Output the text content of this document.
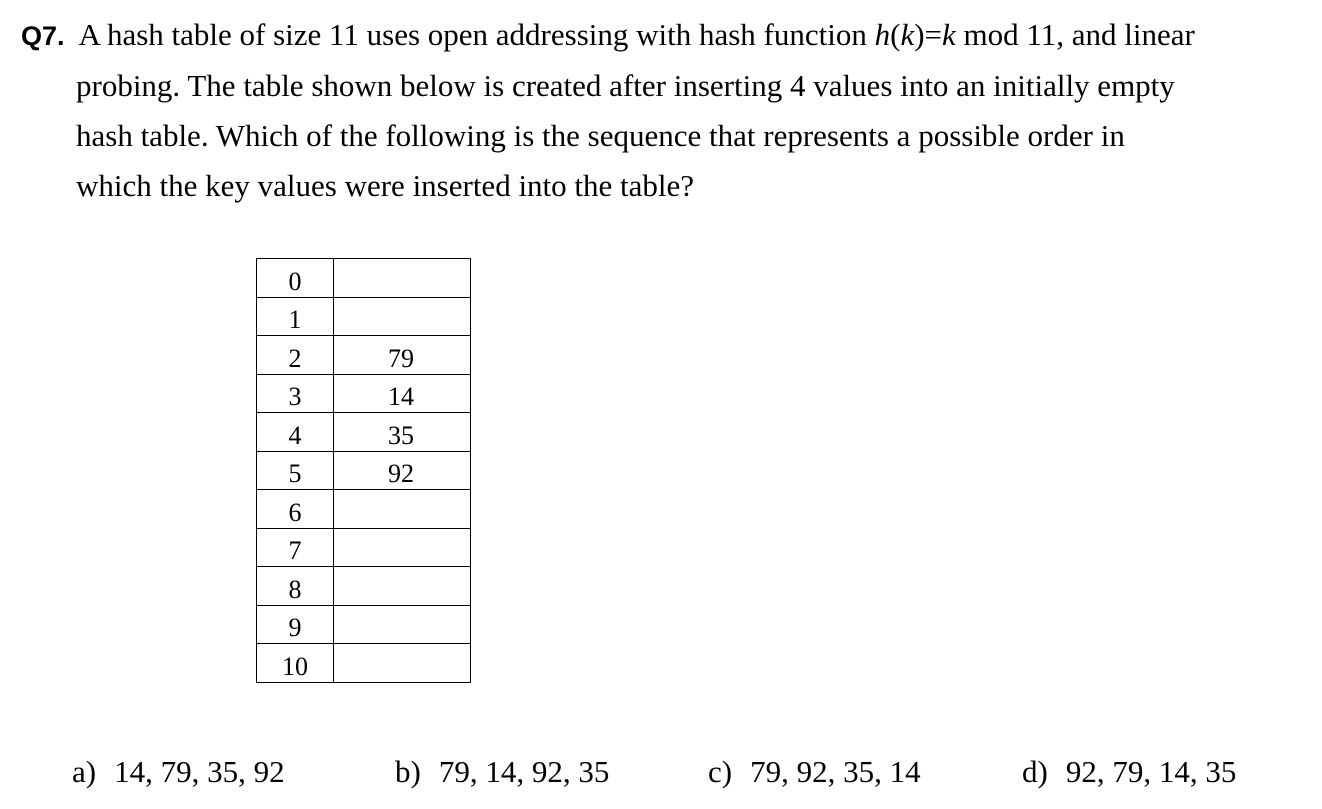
Q7. A hash table of size 11 uses open addressing with hash function h(k)=k mod 11, and linear
probing. The table shown below is created after inserting 4 values into an initially empty
hash table. Which of the following is the sequence that represents a possible order in
which the key values were inserted into the table?
0	
1	
2	79
3	14
4	35
5	92
6	
7	
8	
9	
10	
a) 14, 79, 35, 92	b) 79, 14, 92, 35	c) 79, 92, 35, 14	d) 92, 79, 14, 35
